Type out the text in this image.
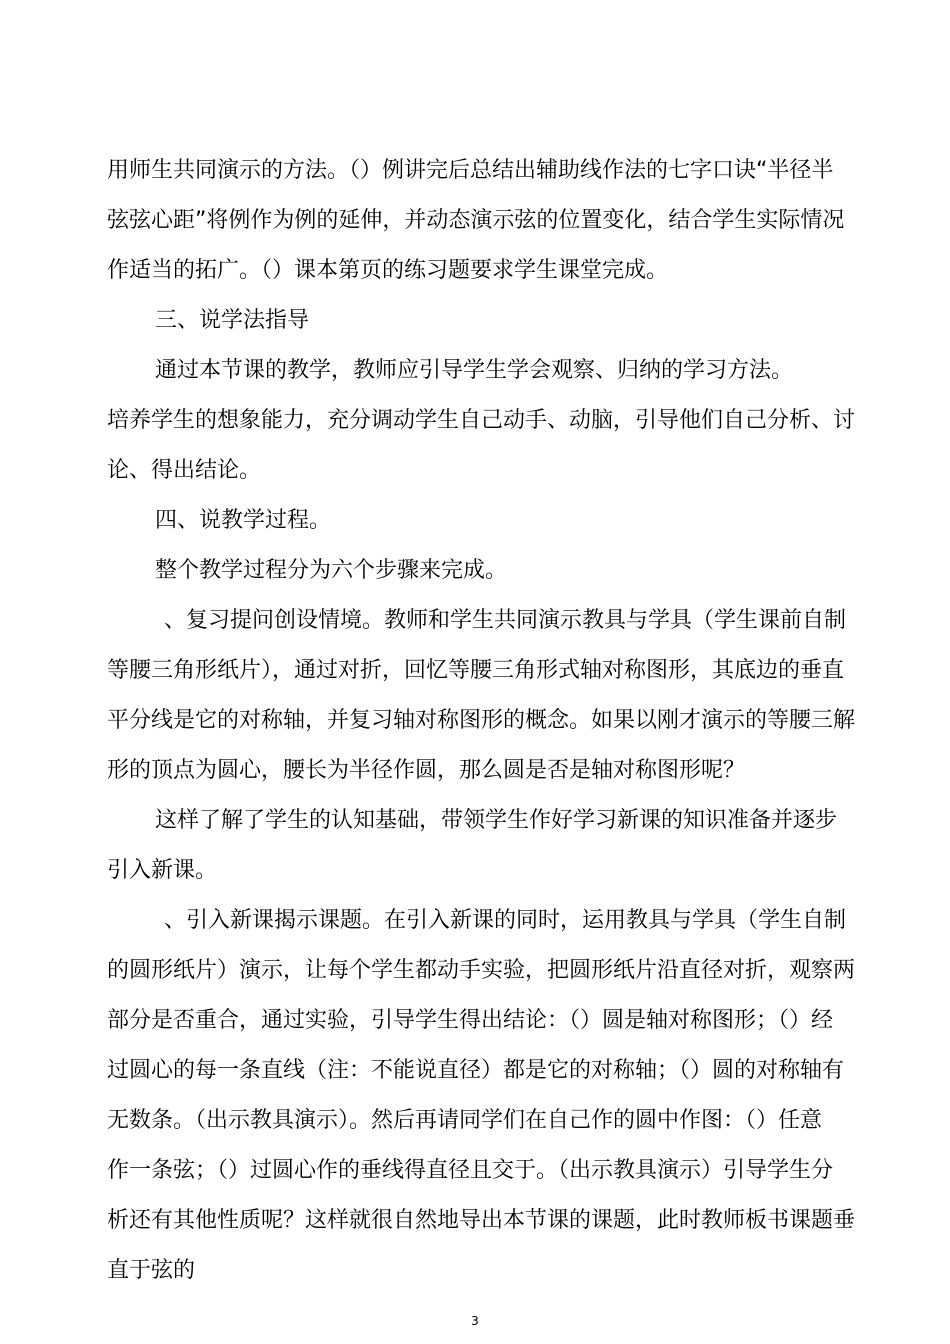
用师生共同演示的方法。（）例讲完后总结出辅助线作法的七字口诀“半径半

弦弦心距”将例作为例的延伸，并动态演示弦的位置变化，结合学生实际情况

作适当的拓广。（）课本第页的练习题要求学生课堂完成。

三、说学法指导

通过本节课的教学，教师应引导学生学会观察、归纳的学习方法。

培养学生的想象能力，充分调动学生自己动手、动脑，引导他们自己分析、讨

论、得出结论。

四、说教学过程。

整个教学过程分为六个步骤来完成。

、复习提问创设情境。教师和学生共同演示教具与学具（学生课前自制

等腰三角形纸片），通过对折，回忆等腰三角形式轴对称图形，其底边的垂直

平分线是它的对称轴，并复习轴对称图形的概念。如果以刚才演示的等腰三解

形的顶点为圆心，腰长为半径作圆，那么圆是否是轴对称图形呢？

这样了解了学生的认知基础，带领学生作好学习新课的知识准备并逐步

引入新课。

、引入新课揭示课题。在引入新课的同时，运用教具与学具（学生自制

的圆形纸片）演示，让每个学生都动手实验，把圆形纸片沿直径对折，观察两

部分是否重合，通过实验，引导学生得出结论：（）圆是轴对称图形；（）经

过圆心的每一条直线（注：不能说直径）都是它的对称轴；（）圆的对称轴有

无数条。（出示教具演示）。然后再请同学们在自己作的圆中作图：（）任意

作一条弦；（）过圆心作的垂线得直径且交于。（出示教具演示）引导学生分

析还有其他性质呢？这样就很自然地导出本节课的课题，此时教师板书课题垂

直于弦的

3
